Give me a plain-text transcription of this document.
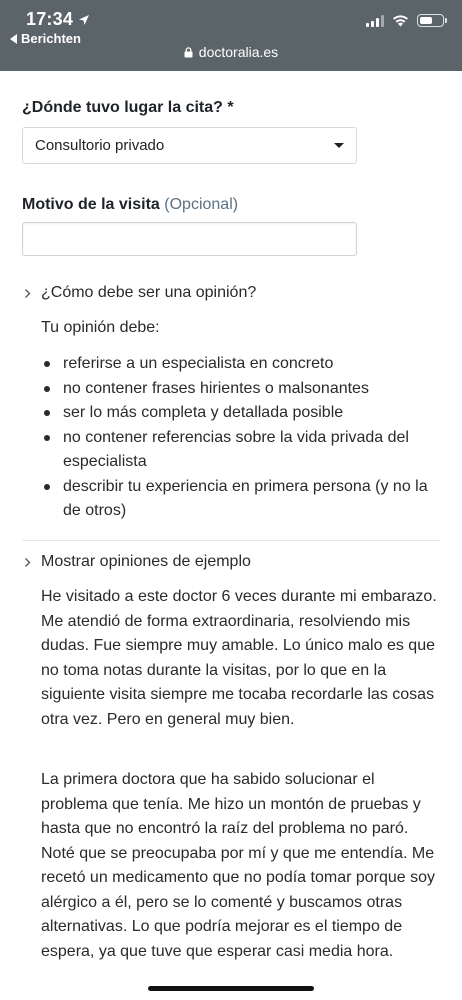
17:34
Berichten
doctoralia.es
¿Dónde tuvo lugar la cita? *
Consultorio privado
Motivo de la visita (Opcional)
¿Cómo debe ser una opinión?
Tu opinión debe:
referirse a un especialista en concreto
no contener frases hirientes o malsonantes
ser lo más completa y detallada posible
no contener referencias sobre la vida privada del especialista
describir tu experiencia en primera persona (y no la de otros)
Mostrar opiniones de ejemplo
He visitado a este doctor 6 veces durante mi embarazo. Me atendió de forma extraordinaria, resolviendo mis dudas. Fue siempre muy amable. Lo único malo es que no toma notas durante la visitas, por lo que en la siguiente visita siempre me tocaba recordarle las cosas otra vez. Pero en general muy bien.
La primera doctora que ha sabido solucionar el problema que tenía. Me hizo un montón de pruebas y hasta que no encontró la raíz del problema no paró. Noté que se preocupaba por mí y que me entendía. Me recetó un medicamento que no podía tomar porque soy alérgico a él, pero se lo comenté y buscamos otras alternativas. Lo que podría mejorar es el tiempo de espera, ya que tuve que esperar casi media hora.
